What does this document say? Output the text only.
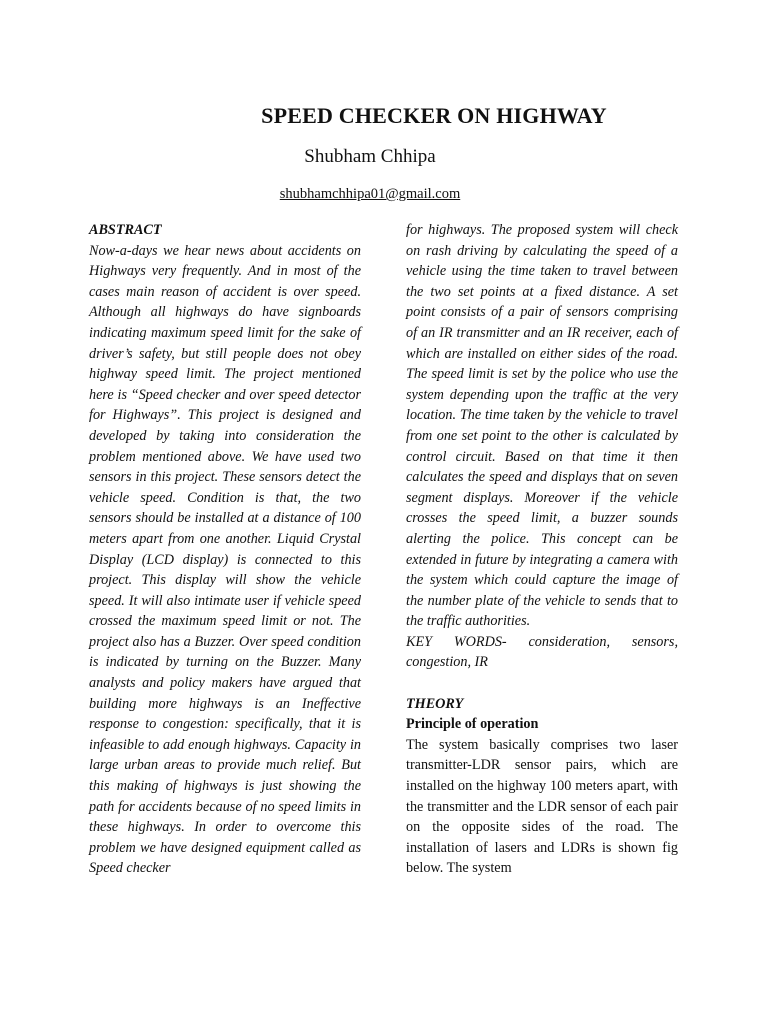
SPEED CHECKER ON HIGHWAY
Shubham Chhipa
shubhamchhipa01@gmail.com

ABSTRACT

Now-a-days we hear news about accidents on Highways very frequently. And in most of the cases main reason of accident is over speed. Although all highways do have signboards indicating maximum speed limit for the sake of driver’s safety, but still people does not obey highway speed limit. The project mentioned here is “Speed checker and over speed detector for Highways”. This project is designed and developed by taking into consideration the problem mentioned above. We have used two sensors in this project. These sensors detect the vehicle speed. Condition is that, the two sensors should be installed at a distance of 100 meters apart from one another. Liquid Crystal Display (LCD display) is connected to this project. This display will show the vehicle speed. It will also intimate user if vehicle speed crossed the maximum speed limit or not. The project also has a Buzzer. Over speed condition is indicated by turning on the Buzzer. Many analysts and policy makers have argued that building more highways is an Ineffective response to congestion: specifically, that it is infeasible to add enough highways. Capacity in large urban areas to provide much relief. But this making of highways is just showing the path for accidents because of no speed limits in these highways. In order to overcome this problem we have designed equipment called as Speed checker

for highways. The proposed system will check on rash driving by calculating the speed of a vehicle using the time taken to travel between the two set points at a fixed distance. A set point consists of a pair of sensors comprising of an IR transmitter and an IR receiver, each of which are installed on either sides of the road. The speed limit is set by the police who use the system depending upon the traffic at the very location. The time taken by the vehicle to travel from one set point to the other is calculated by control circuit. Based on that time it then calculates the speed and displays that on seven segment displays. Moreover if the vehicle crosses the speed limit, a buzzer sounds alerting the police. This concept can be extended in future by integrating a camera with the system which could capture the image of the number plate of the vehicle to sends that to the traffic authorities.

KEY WORDS- consideration, sensors, congestion, IR

THEORY

Principle of operation

The system basically comprises two laser transmitter-LDR sensor pairs, which are installed on the highway 100 meters apart, with the transmitter and the LDR sensor of each pair on the opposite sides of the road. The installation of lasers and LDRs is shown fig below. The system
